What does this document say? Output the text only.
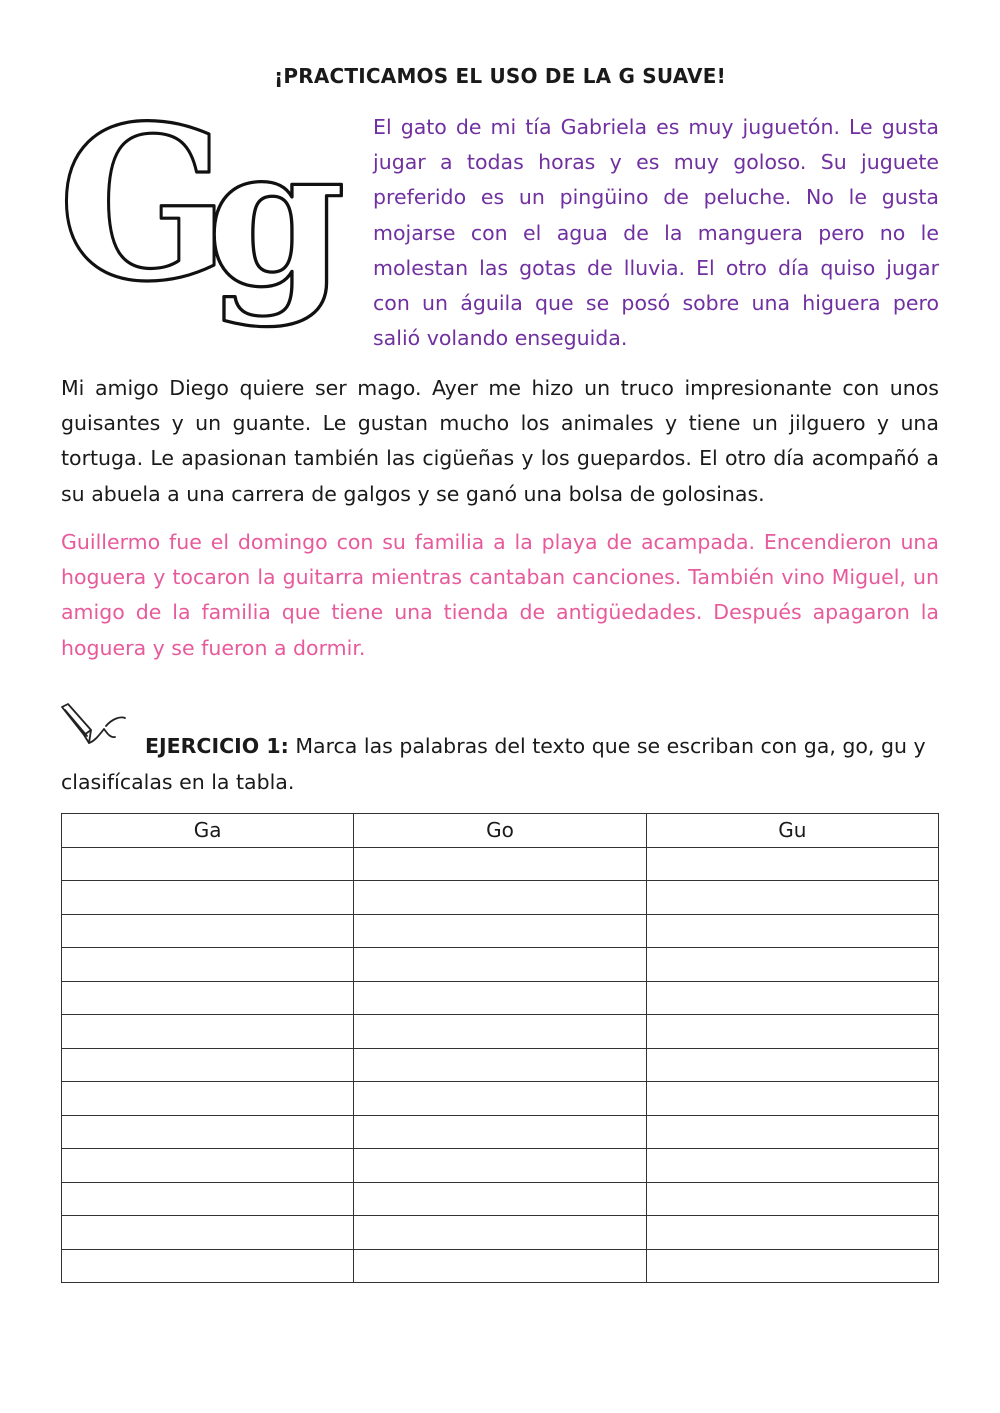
¡PRACTICAMOS EL USO DE LA G SUAVE!
G
g El gato de mi tía Gabriela es muy juguetón. Le gusta jugar a todas horas y es muy goloso. Su juguete preferido es un pingüino de peluche. No le gusta mojarse con el agua de la manguera pero no le molestan las gotas de lluvia. El otro día quiso jugar con un águila que se posó sobre una higuera pero salió volando enseguida.

Mi amigo Diego quiere ser mago. Ayer me hizo un truco impresionante con unos guisantes y un guante. Le gustan mucho los animales y tiene un jilguero y una tortuga. Le apasionan también las cigüeñas y los guepardos. El otro día acompañó a su abuela a una carrera de galgos y se ganó una bolsa de golosinas.

Guillermo fue el domingo con su familia a la playa de acampada. Encendieron una hoguera y tocaron la guitarra mientras cantaban canciones. También vino Miguel, un amigo de la familia que tiene una tienda de antigüedades. Después apagaron la hoguera y se fueron a dormir.

EJERCICIO 1: Marca las palabras del texto que se escriban con ga, go, gu y clasifícalas en la tabla.

Ga	Go	Gu
